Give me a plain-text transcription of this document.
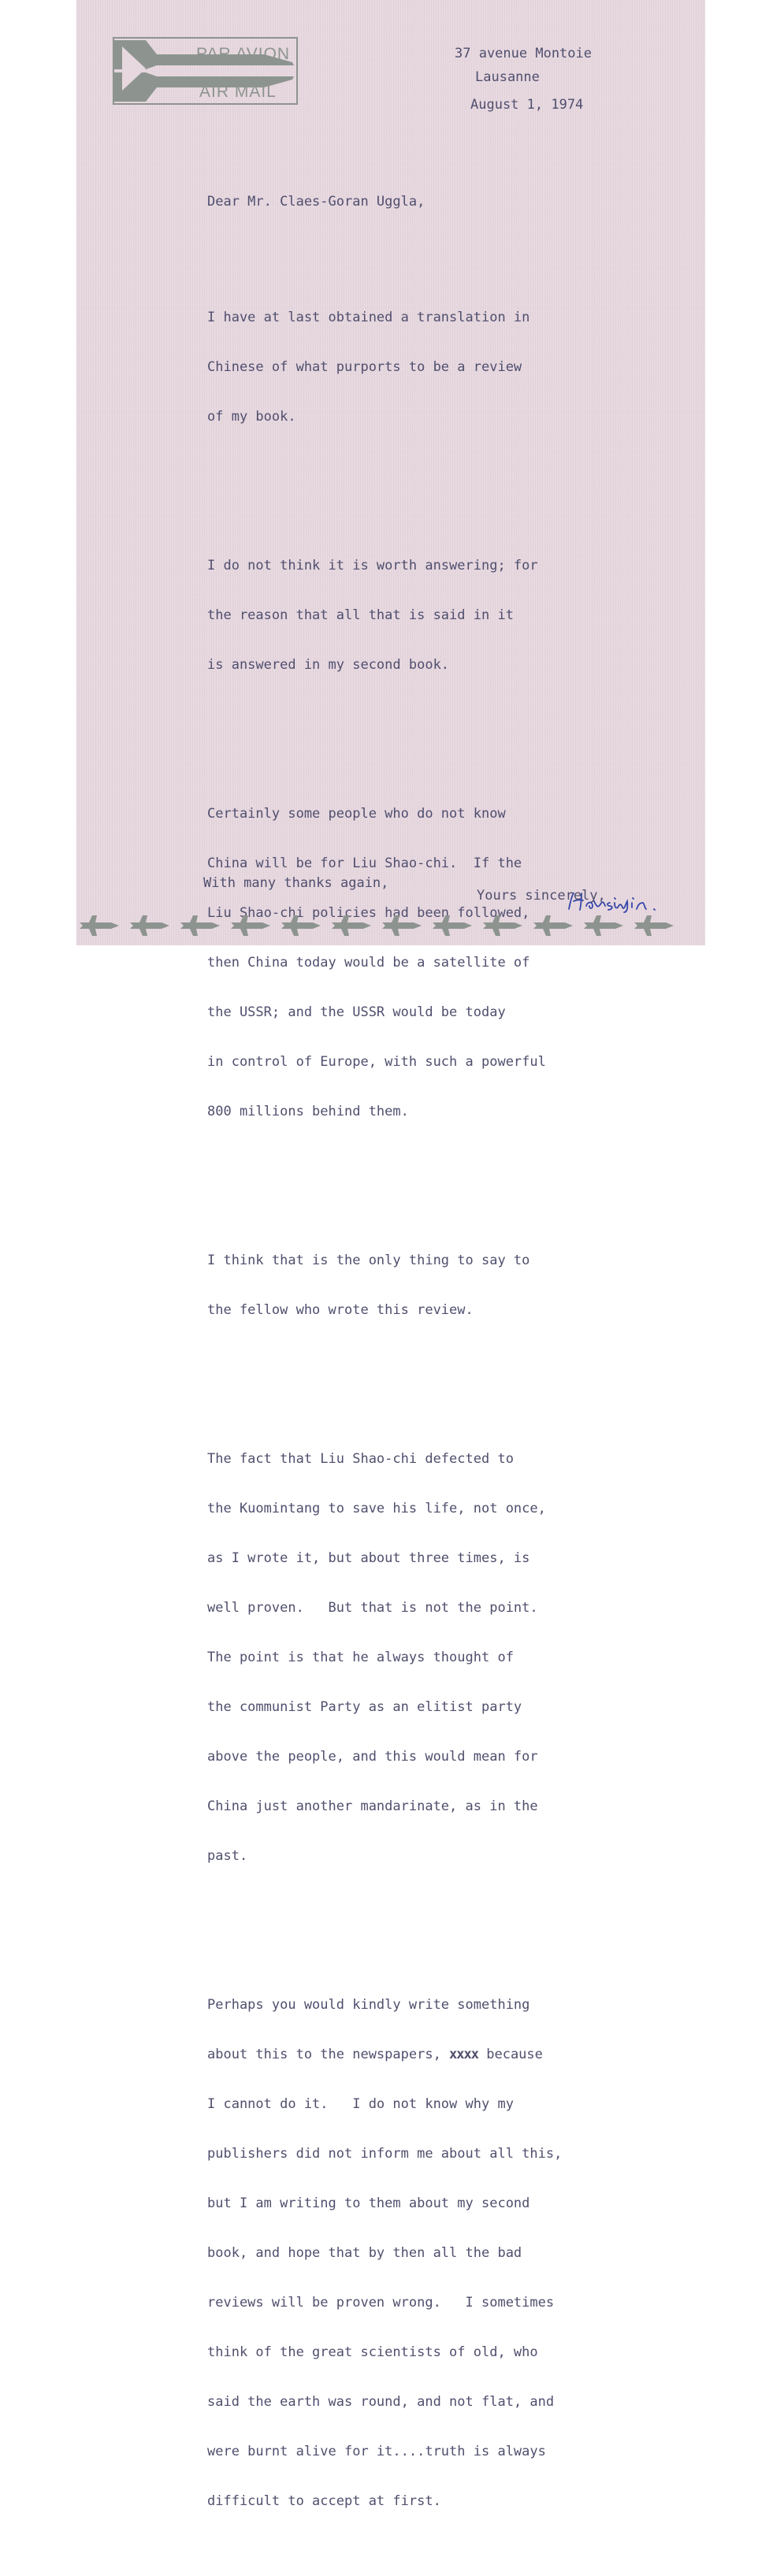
PAR AVION
AIR MAIL

37 avenue Montoie

Lausanne

August 1, 1974

Dear Mr. Claes-Goran Uggla,

I have at last obtained a translation in

Chinese of what purports to be a review

of my book.

I do not think it is worth answering; for

the reason that all that is said in it

is answered in my second book.

Certainly some people who do not know

China will be for Liu Shao-chi.  If the

Liu Shao-chi policies had been followed,

then China today would be a satellite of

the USSR; and the USSR would be today

in control of Europe, with such a powerful

800 millions behind them.

I think that is the only thing to say to

the fellow who wrote this review.

The fact that Liu Shao-chi defected to

the Kuomintang to save his life, not once,

as I wrote it, but about three times, is

well proven.   But that is not the point.

The point is that he always thought of

the communist Party as an elitist party

above the people, and this would mean for

China just another mandarinate, as in the

past.

Perhaps you would kindly write something

about this to the newspapers, xxxx because

I cannot do it.   I do not know why my

publishers did not inform me about all this,

but I am writing to them about my second

book, and hope that by then all the bad

reviews will be proven wrong.   I sometimes

think of the great scientists of old, who

said the earth was round, and not flat, and

were burnt alive for it....truth is always

difficult to accept at first.

With many thanks again,
Yours sincerely,
